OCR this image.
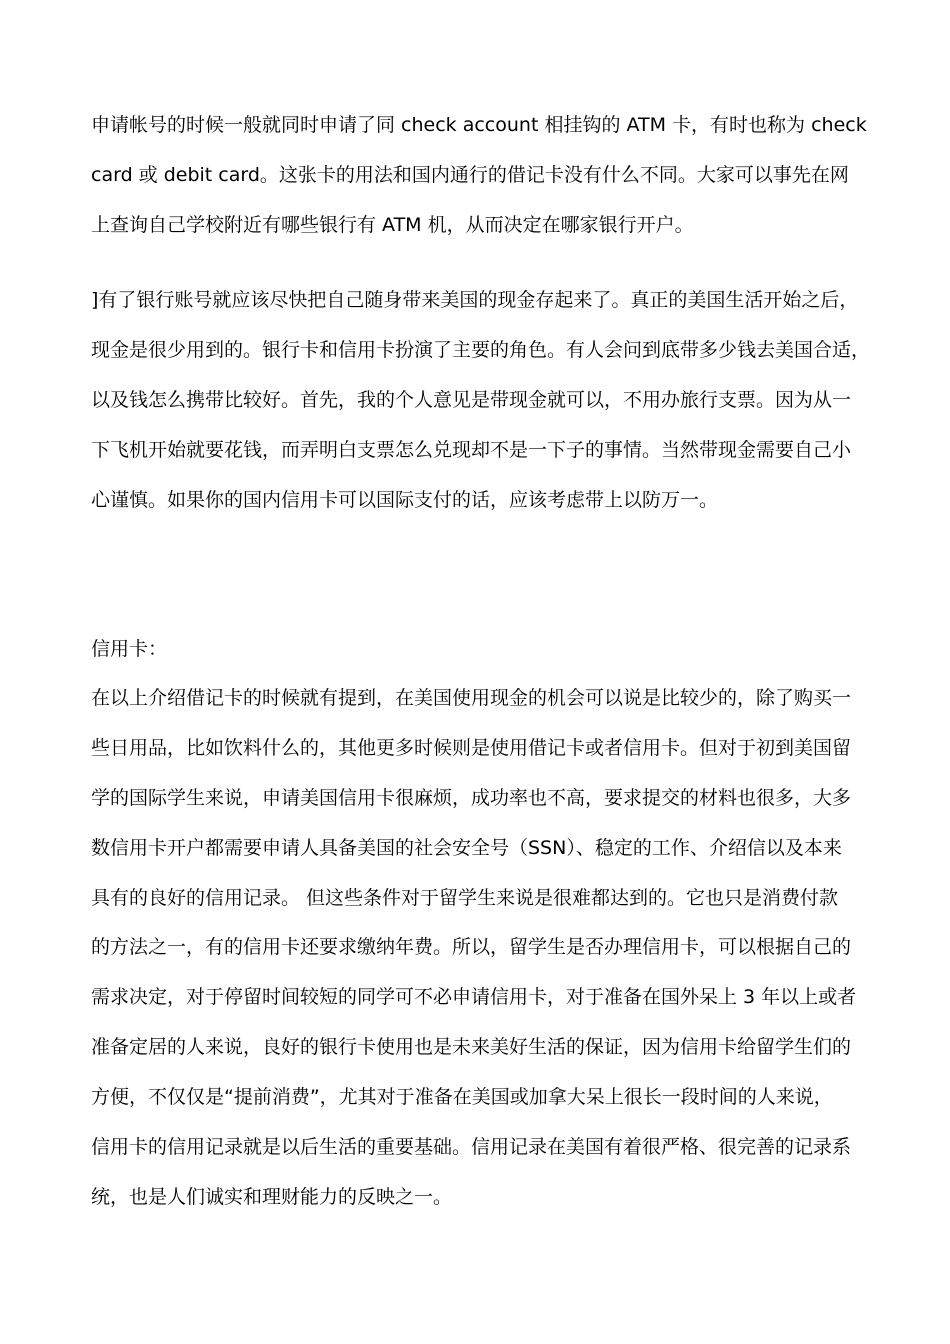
申请帐号的时候一般就同时申请了同 check account 相挂钩的 ATM 卡，有时也称为 check
card 或 debit card。这张卡的用法和国内通行的借记卡没有什么不同。大家可以事先在网
上查询自己学校附近有哪些银行有 ATM 机，从而决定在哪家银行开户。
]有了银行账号就应该尽快把自己随身带来美国的现金存起来了。真正的美国生活开始之后，
现金是很少用到的。银行卡和信用卡扮演了主要的角色。有人会问到底带多少钱去美国合适，
以及钱怎么携带比较好。首先，我的个人意见是带现金就可以，不用办旅行支票。因为从一
下飞机开始就要花钱，而弄明白支票怎么兑现却不是一下子的事情。当然带现金需要自己小
心谨慎。如果你的国内信用卡可以国际支付的话，应该考虑带上以防万一。
信用卡：
在以上介绍借记卡的时候就有提到，在美国使用现金的机会可以说是比较少的，除了购买一
些日用品，比如饮料什么的，其他更多时候则是使用借记卡或者信用卡。但对于初到美国留
学的国际学生来说，申请美国信用卡很麻烦，成功率也不高，要求提交的材料也很多，大多
数信用卡开户都需要申请人具备美国的社会安全号（SSN）、稳定的工作、介绍信以及本来
具有的良好的信用记录。 但这些条件对于留学生来说是很难都达到的。它也只是消费付款
的方法之一，有的信用卡还要求缴纳年费。所以，留学生是否办理信用卡，可以根据自己的
需求决定，对于停留时间较短的同学可不必申请信用卡，对于准备在国外呆上 3 年以上或者
准备定居的人来说，良好的银行卡使用也是未来美好生活的保证，因为信用卡给留学生们的
方便，不仅仅是“提前消费”，尤其对于准备在美国或加拿大呆上很长一段时间的人来说，
信用卡的信用记录就是以后生活的重要基础。信用记录在美国有着很严格、很完善的记录系
统，也是人们诚实和理财能力的反映之一。
